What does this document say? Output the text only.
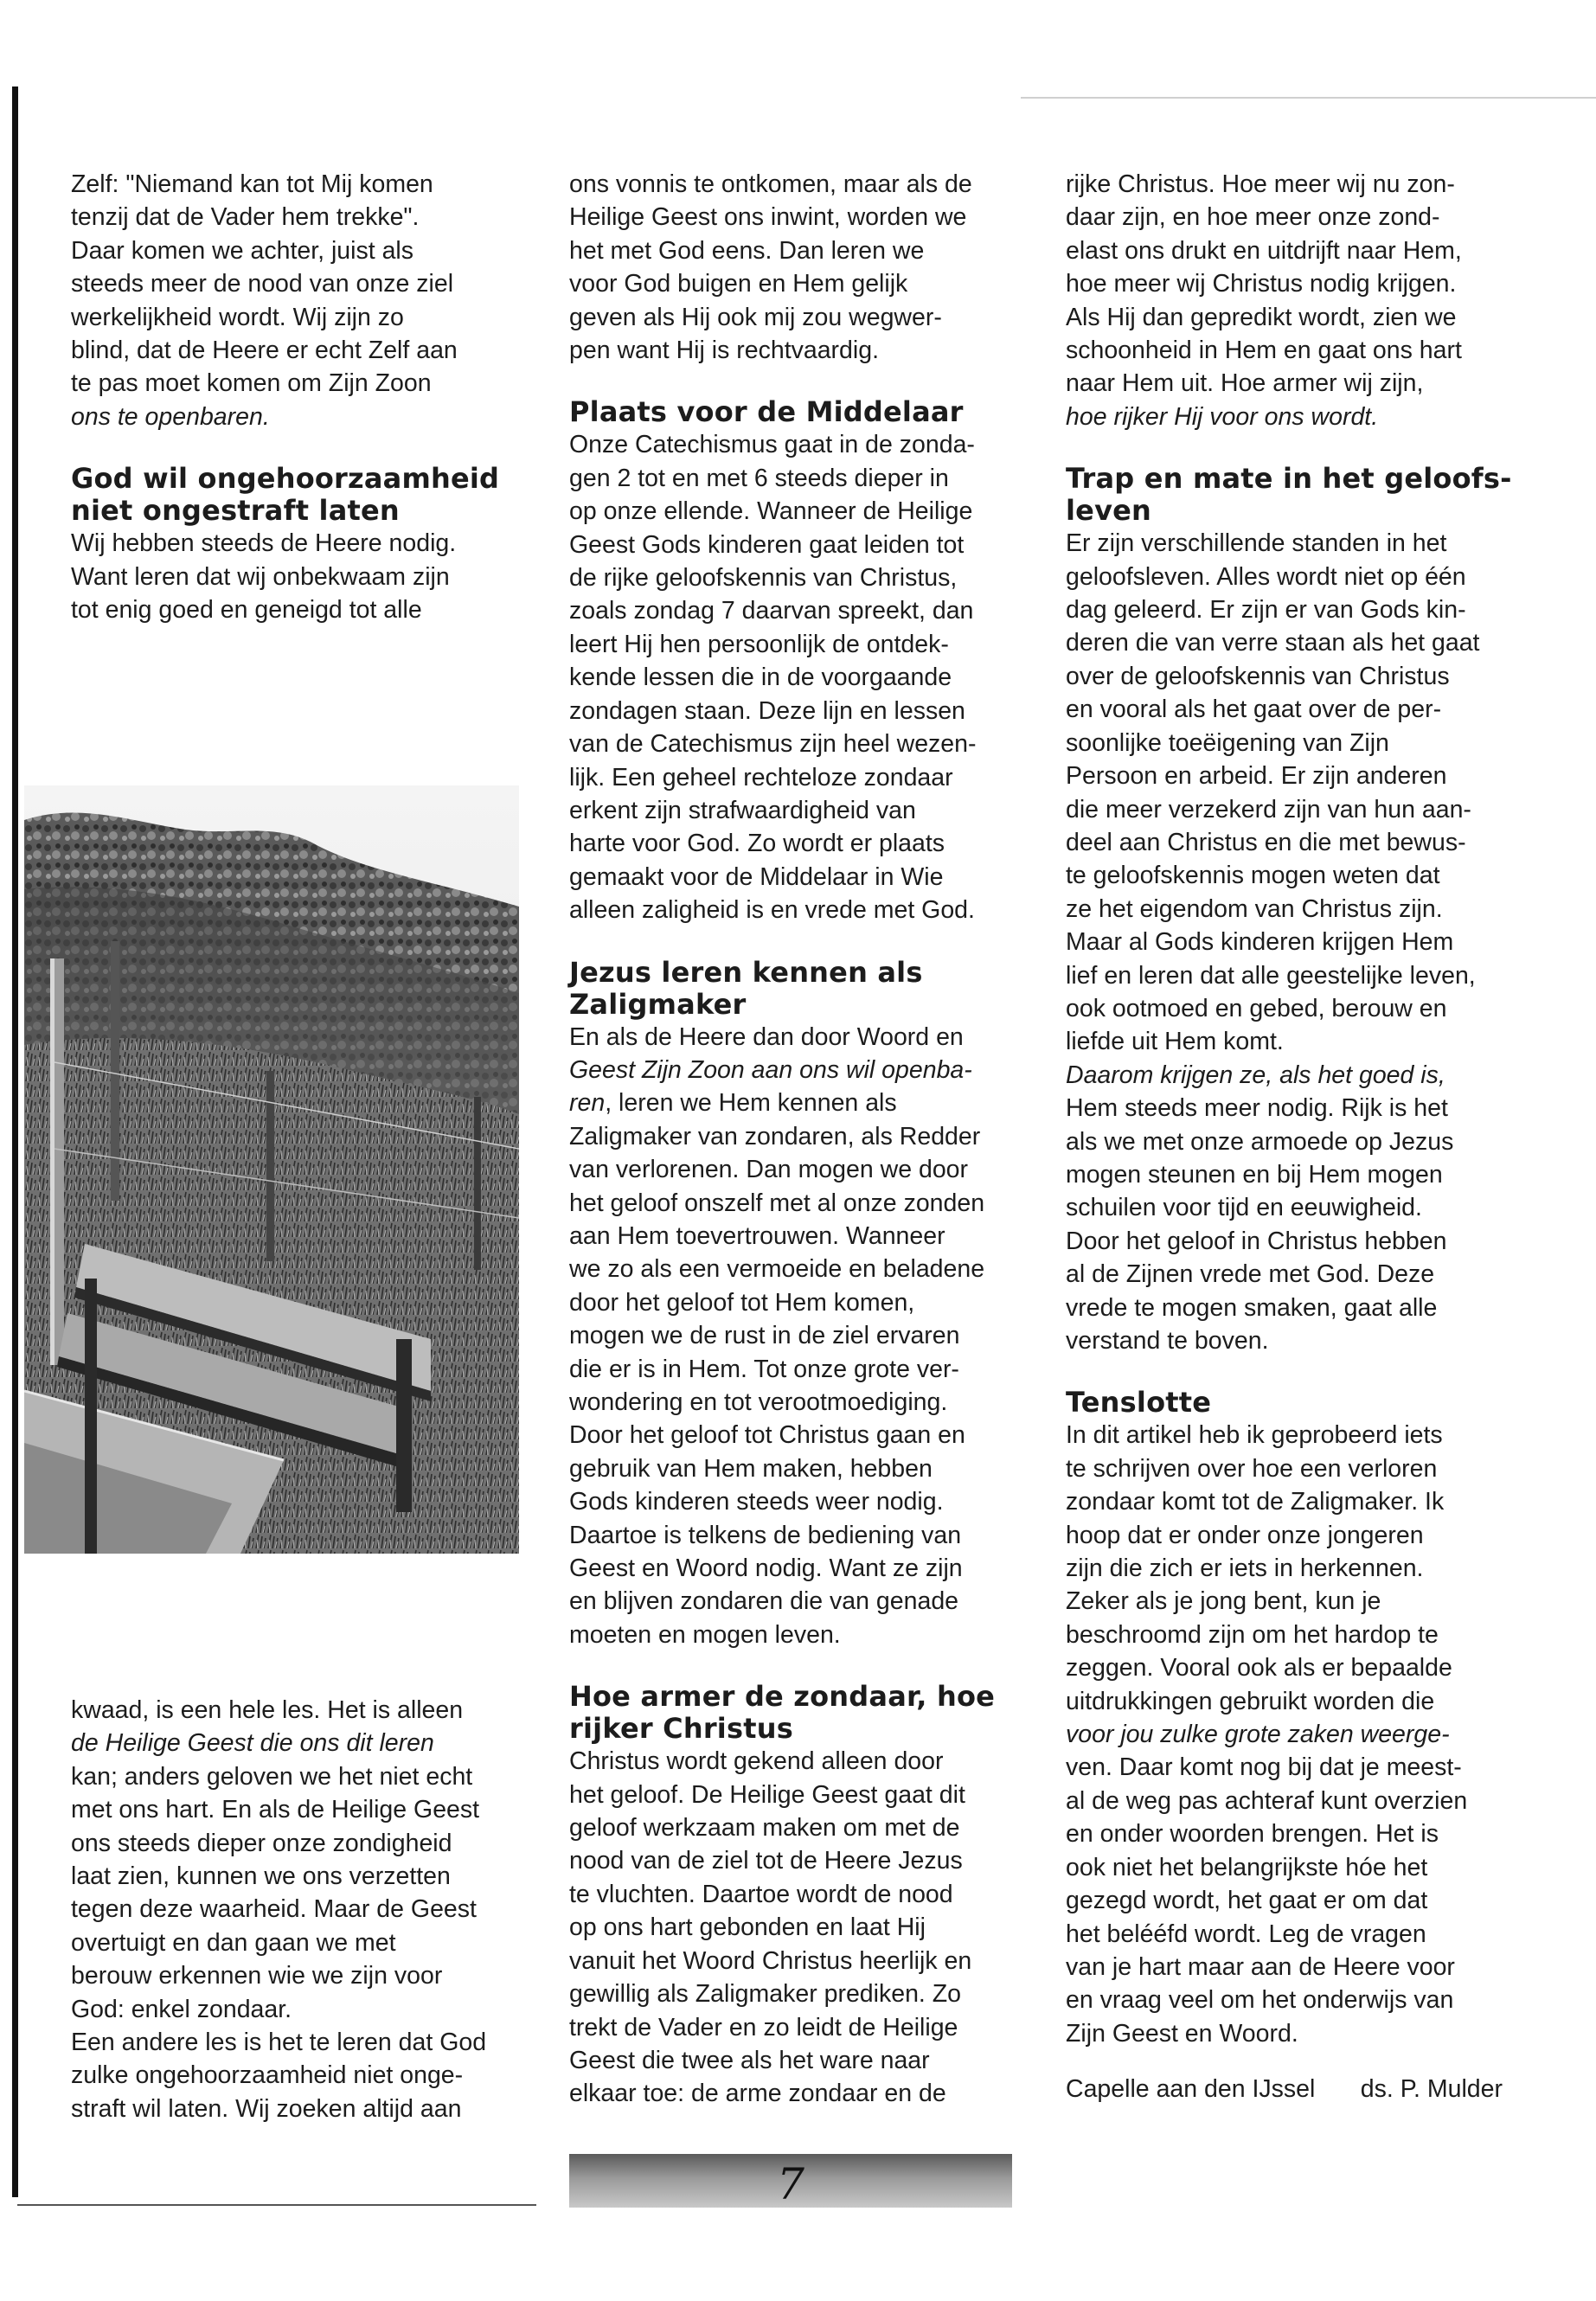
Zelf: "Niemand kan tot Mij komen
tenzij dat de Vader hem trekke".
Daar komen we achter, juist als
steeds meer de nood van onze ziel
werkelijkheid wordt. Wij zijn zo
blind, dat de Heere er echt Zelf aan
te pas moet komen om Zijn Zoon
ons te openbaren.

God wil ongehoorzaamheid
niet ongestraft laten

Wij hebben steeds de Heere nodig.
Want leren dat wij onbekwaam zijn
tot enig goed en geneigd tot alle

kwaad, is een hele les. Het is alleen
de Heilige Geest die ons dit leren
kan; anders geloven we het niet echt
met ons hart. En als de Heilige Geest
ons steeds dieper onze zondigheid
laat zien, kunnen we ons verzetten
tegen deze waarheid. Maar de Geest
overtuigt en dan gaan we met
berouw erkennen wie we zijn voor
God: enkel zondaar.
Een andere les is het te leren dat God
zulke ongehoorzaamheid niet onge-
straft wil laten. Wij zoeken altijd aan

ons vonnis te ontkomen, maar als de
Heilige Geest ons inwint, worden we
het met God eens. Dan leren we
voor God buigen en Hem gelijk
geven als Hij ook mij zou wegwer-
pen want Hij is rechtvaardig.

Plaats voor de Middelaar

Onze Catechismus gaat in de zonda-
gen 2 tot en met 6 steeds dieper in
op onze ellende. Wanneer de Heilige
Geest Gods kinderen gaat leiden tot
de rijke geloofskennis van Christus,
zoals zondag 7 daarvan spreekt, dan
leert Hij hen persoonlijk de ontdek-
kende lessen die in de voorgaande
zondagen staan. Deze lijn en lessen
van de Catechismus zijn heel wezen-
lijk. Een geheel rechteloze zondaar
erkent zijn strafwaardigheid van
harte voor God. Zo wordt er plaats
gemaakt voor de Middelaar in Wie
alleen zaligheid is en vrede met God.

Jezus leren kennen als
Zaligmaker

En als de Heere dan door Woord en
Geest Zijn Zoon aan ons wil openba-
ren, leren we Hem kennen als
Zaligmaker van zondaren, als Redder
van verlorenen. Dan mogen we door
het geloof onszelf met al onze zonden
aan Hem toevertrouwen. Wanneer
we zo als een vermoeide en beladene
door het geloof tot Hem komen,
mogen we de rust in de ziel ervaren
die er is in Hem. Tot onze grote ver-
wondering en tot verootmoediging.
Door het geloof tot Christus gaan en
gebruik van Hem maken, hebben
Gods kinderen steeds weer nodig.
Daartoe is telkens de bediening van
Geest en Woord nodig. Want ze zijn
en blijven zondaren die van genade
moeten en mogen leven.

Hoe armer de zondaar, hoe
rijker Christus

Christus wordt gekend alleen door
het geloof. De Heilige Geest gaat dit
geloof werkzaam maken om met de
nood van de ziel tot de Heere Jezus
te vluchten. Daartoe wordt de nood
op ons hart gebonden en laat Hij
vanuit het Woord Christus heerlijk en
gewillig als Zaligmaker prediken. Zo
trekt de Vader en zo leidt de Heilige
Geest die twee als het ware naar
elkaar toe: de arme zondaar en de

rijke Christus. Hoe meer wij nu zon-
daar zijn, en hoe meer onze zond-
elast ons drukt en uitdrijft naar Hem,
hoe meer wij Christus nodig krijgen.
Als Hij dan gepredikt wordt, zien we
schoonheid in Hem en gaat ons hart
naar Hem uit. Hoe armer wij zijn,
hoe rijker Hij voor ons wordt.

Trap en mate in het geloofs-
leven

Er zijn verschillende standen in het
geloofsleven. Alles wordt niet op één
dag geleerd. Er zijn er van Gods kin-
deren die van verre staan als het gaat
over de geloofskennis van Christus
en vooral als het gaat over de per-
soonlijke toeëigening van Zijn
Persoon en arbeid. Er zijn anderen
die meer verzekerd zijn van hun aan-
deel aan Christus en die met bewus-
te geloofskennis mogen weten dat
ze het eigendom van Christus zijn.
Maar al Gods kinderen krijgen Hem
lief en leren dat alle geestelijke leven,
ook ootmoed en gebed, berouw en
liefde uit Hem komt.
Daarom krijgen ze, als het goed is,
Hem steeds meer nodig. Rijk is het
als we met onze armoede op Jezus
mogen steunen en bij Hem mogen
schuilen voor tijd en eeuwigheid.
Door het geloof in Christus hebben
al de Zijnen vrede met God. Deze
vrede te mogen smaken, gaat alle
verstand te boven.

Tenslotte

In dit artikel heb ik geprobeerd iets
te schrijven over hoe een verloren
zondaar komt tot de Zaligmaker. Ik
hoop dat er onder onze jongeren
zijn die zich er iets in herkennen.
Zeker als je jong bent, kun je
beschroomd zijn om het hardop te
zeggen. Vooral ook als er bepaalde
uitdrukkingen gebruikt worden die
voor jou zulke grote zaken weerge-
ven. Daar komt nog bij dat je meest-
al de weg pas achteraf kunt overzien
en onder woorden brengen. Het is
ook niet het belangrijkste hóe het
gezegd wordt, het gaat er om dat
het belééfd wordt. Leg de vragen
van je hart maar aan de Heere voor
en vraag veel om het onderwijs van
Zijn Geest en Woord.

Capelle aan den IJssel ds. P. Mulder
7
